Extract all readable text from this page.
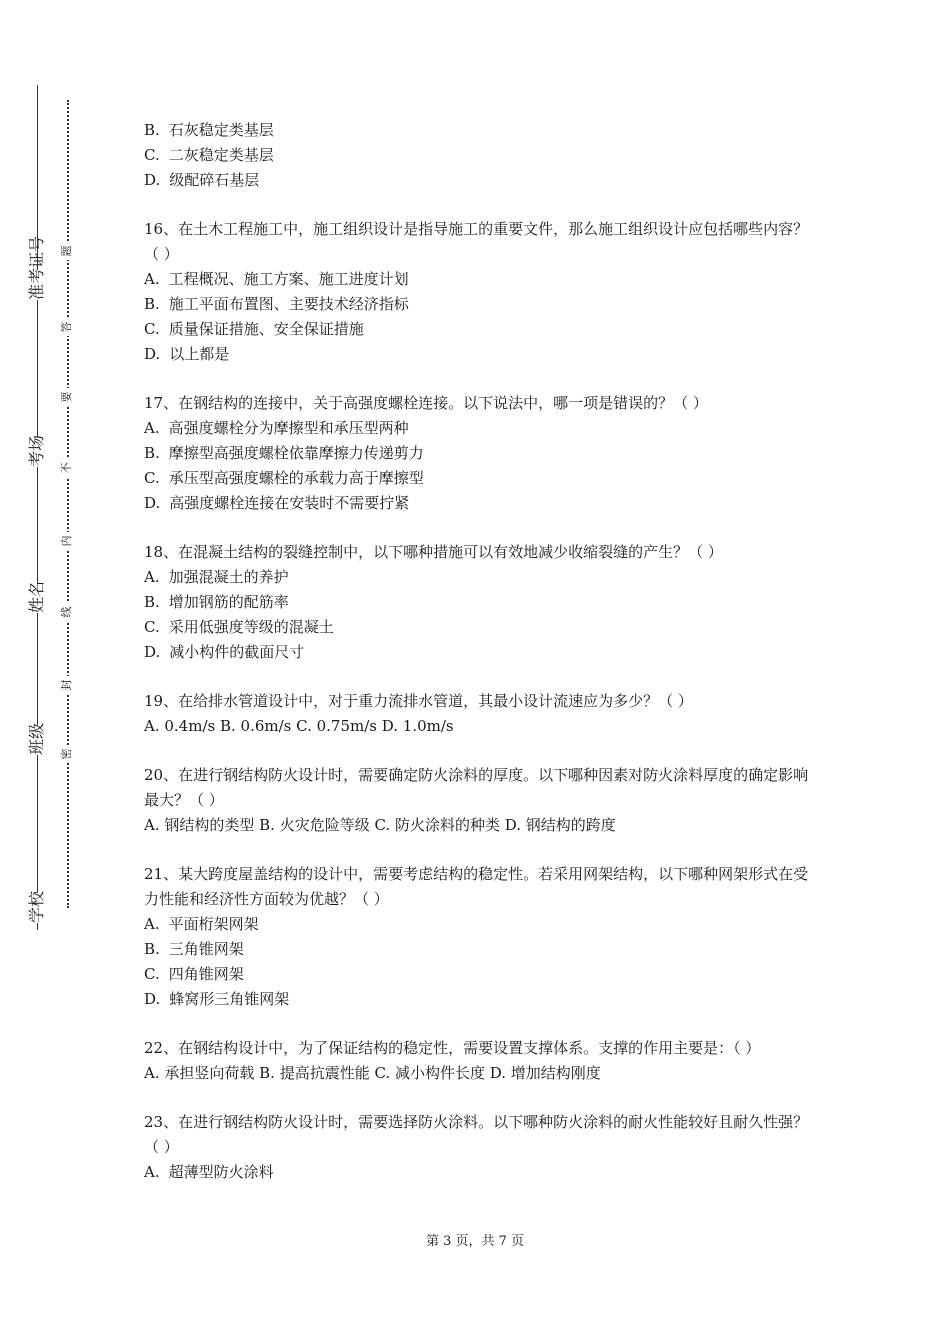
准考证号
考场
姓名
班级
学校
题
答
要
不
内
线
封
密

B. 石灰稳定类基层

C. 二灰稳定类基层

D. 级配碎石基层

16、在土木工程施工中，施工组织设计是指导施工的重要文件，那么施工组织设计应包括哪些内容？（ ）

A. 工程概况、施工方案、施工进度计划

B. 施工平面布置图、主要技术经济指标

C. 质量保证措施、安全保证措施

D. 以上都是

17、在钢结构的连接中，关于高强度螺栓连接。以下说法中，哪一项是错误的？（ ）

A. 高强度螺栓分为摩擦型和承压型两种

B. 摩擦型高强度螺栓依靠摩擦力传递剪力

C. 承压型高强度螺栓的承载力高于摩擦型

D. 高强度螺栓连接在安装时不需要拧紧

18、在混凝土结构的裂缝控制中，以下哪种措施可以有效地减少收缩裂缝的产生？（ ）

A. 加强混凝土的养护

B. 增加钢筋的配筋率

C. 采用低强度等级的混凝土

D. 减小构件的截面尺寸

19、在给排水管道设计中，对于重力流排水管道，其最小设计流速应为多少？（ ）

A. 0.4m/s B. 0.6m/s C. 0.75m/s D. 1.0m/s

20、在进行钢结构防火设计时，需要确定防火涂料的厚度。以下哪种因素对防火涂料厚度的确定影响最大？（ ）

A. 钢结构的类型 B. 火灾危险等级 C. 防火涂料的种类 D. 钢结构的跨度

21、某大跨度屋盖结构的设计中，需要考虑结构的稳定性。若采用网架结构，以下哪种网架形式在受力性能和经济性方面较为优越？（ ）

A. 平面桁架网架

B. 三角锥网架

C. 四角锥网架

D. 蜂窝形三角锥网架

22、在钢结构设计中，为了保证结构的稳定性，需要设置支撑体系。支撑的作用主要是：（ ）

A. 承担竖向荷载 B. 提高抗震性能 C. 减小构件长度 D. 增加结构刚度

23、在进行钢结构防火设计时，需要选择防火涂料。以下哪种防火涂料的耐火性能较好且耐久性强？（ ）

A. 超薄型防火涂料

第 3 页，共 7 页
